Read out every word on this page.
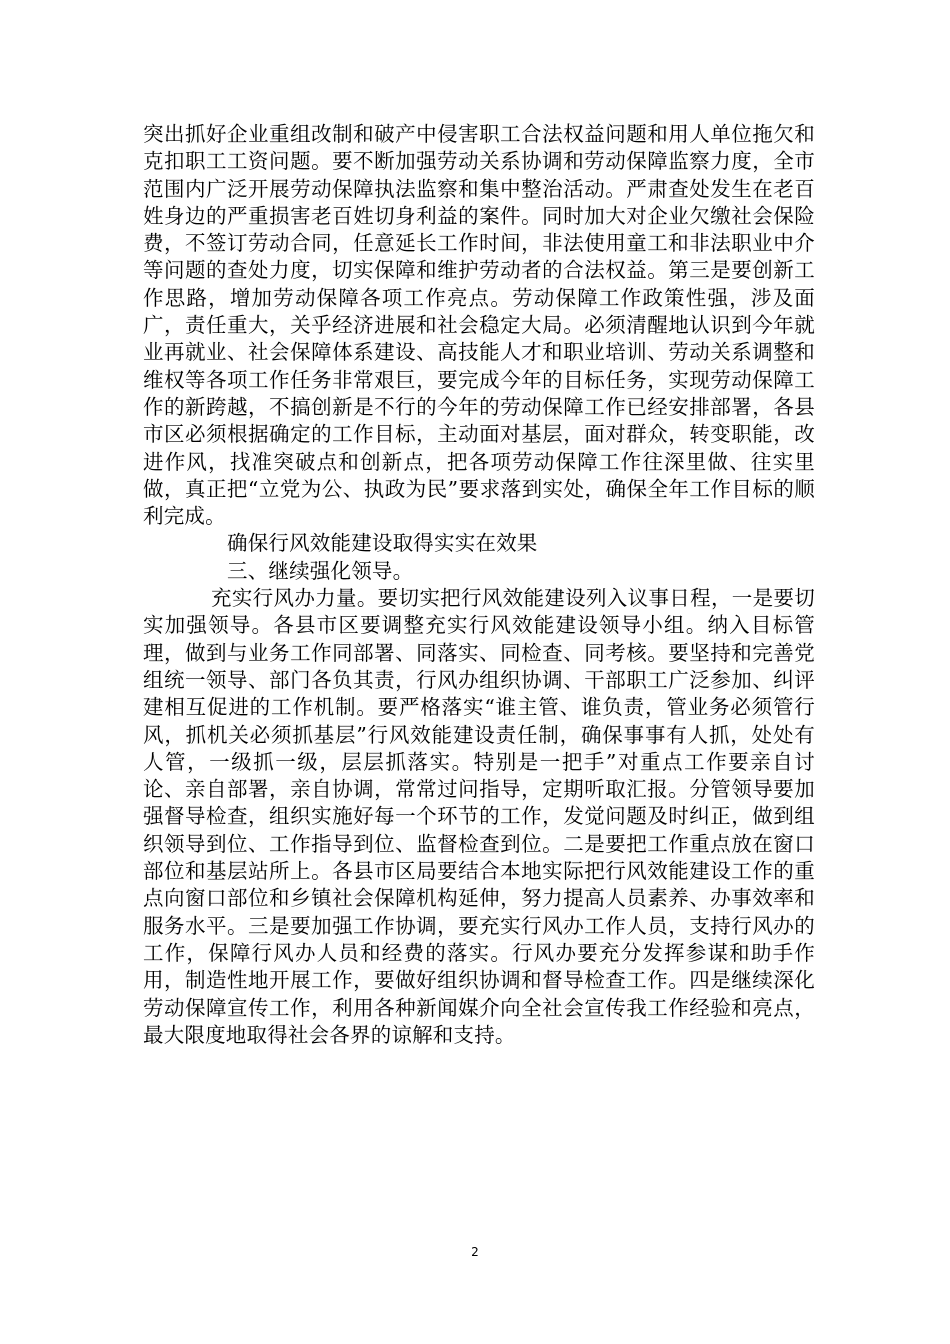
突出抓好企业重组改制和破产中侵害职工合法权益问题和用人单位拖欠和克扣职工工资问题。要不断加强劳动关系协调和劳动保障监察力度，全市范围内广泛开展劳动保障执法监察和集中整治活动。严肃查处发生在老百姓身边的严重损害老百姓切身利益的案件。同时加大对企业欠缴社会保险费，不签订劳动合同，任意延长工作时间，非法使用童工和非法职业中介等问题的查处力度，切实保障和维护劳动者的合法权益。第三是要创新工作思路，增加劳动保障各项工作亮点。劳动保障工作政策性强，涉及面广，责任重大，关乎经济进展和社会稳定大局。必须清醒地认识到今年就业再就业、社会保障体系建设、高技能人才和职业培训、劳动关系调整和维权等各项工作任务非常艰巨，要完成今年的目标任务，实现劳动保障工作的新跨越，不搞创新是不行的今年的劳动保障工作已经安排部署，各县市区必须根据确定的工作目标，主动面对基层，面对群众，转变职能，改进作风，找准突破点和创新点，把各项劳动保障工作往深里做、往实里做，真正把“立党为公、执政为民”要求落到实处，确保全年工作目标的顺利完成。

确保行风效能建设取得实实在效果

三、继续强化领导。

充实行风办力量。要切实把行风效能建设列入议事日程，一是要切实加强领导。各县市区要调整充实行风效能建设领导小组。纳入目标管理，做到与业务工作同部署、同落实、同检查、同考核。要坚持和完善党组统一领导、部门各负其责，行风办组织协调、干部职工广泛参加、纠评建相互促进的工作机制。要严格落实“谁主管、谁负责，管业务必须管行风，抓机关必须抓基层”行风效能建设责任制，确保事事有人抓，处处有人管，一级抓一级，层层抓落实。特别是一把手”对重点工作要亲自讨论、亲自部署，亲自协调，常常过问指导，定期听取汇报。分管领导要加强督导检查，组织实施好每一个环节的工作，发觉问题及时纠正，做到组织领导到位、工作指导到位、监督检查到位。二是要把工作重点放在窗口部位和基层站所上。各县市区局要结合本地实际把行风效能建设工作的重点向窗口部位和乡镇社会保障机构延伸，努力提高人员素养、办事效率和服务水平。三是要加强工作协调，要充实行风办工作人员，支持行风办的工作，保障行风办人员和经费的落实。行风办要充分发挥参谋和助手作用，制造性地开展工作，要做好组织协调和督导检查工作。四是继续深化劳动保障宣传工作，利用各种新闻媒介向全社会宣传我工作经验和亮点，最大限度地取得社会各界的谅解和支持。

2
